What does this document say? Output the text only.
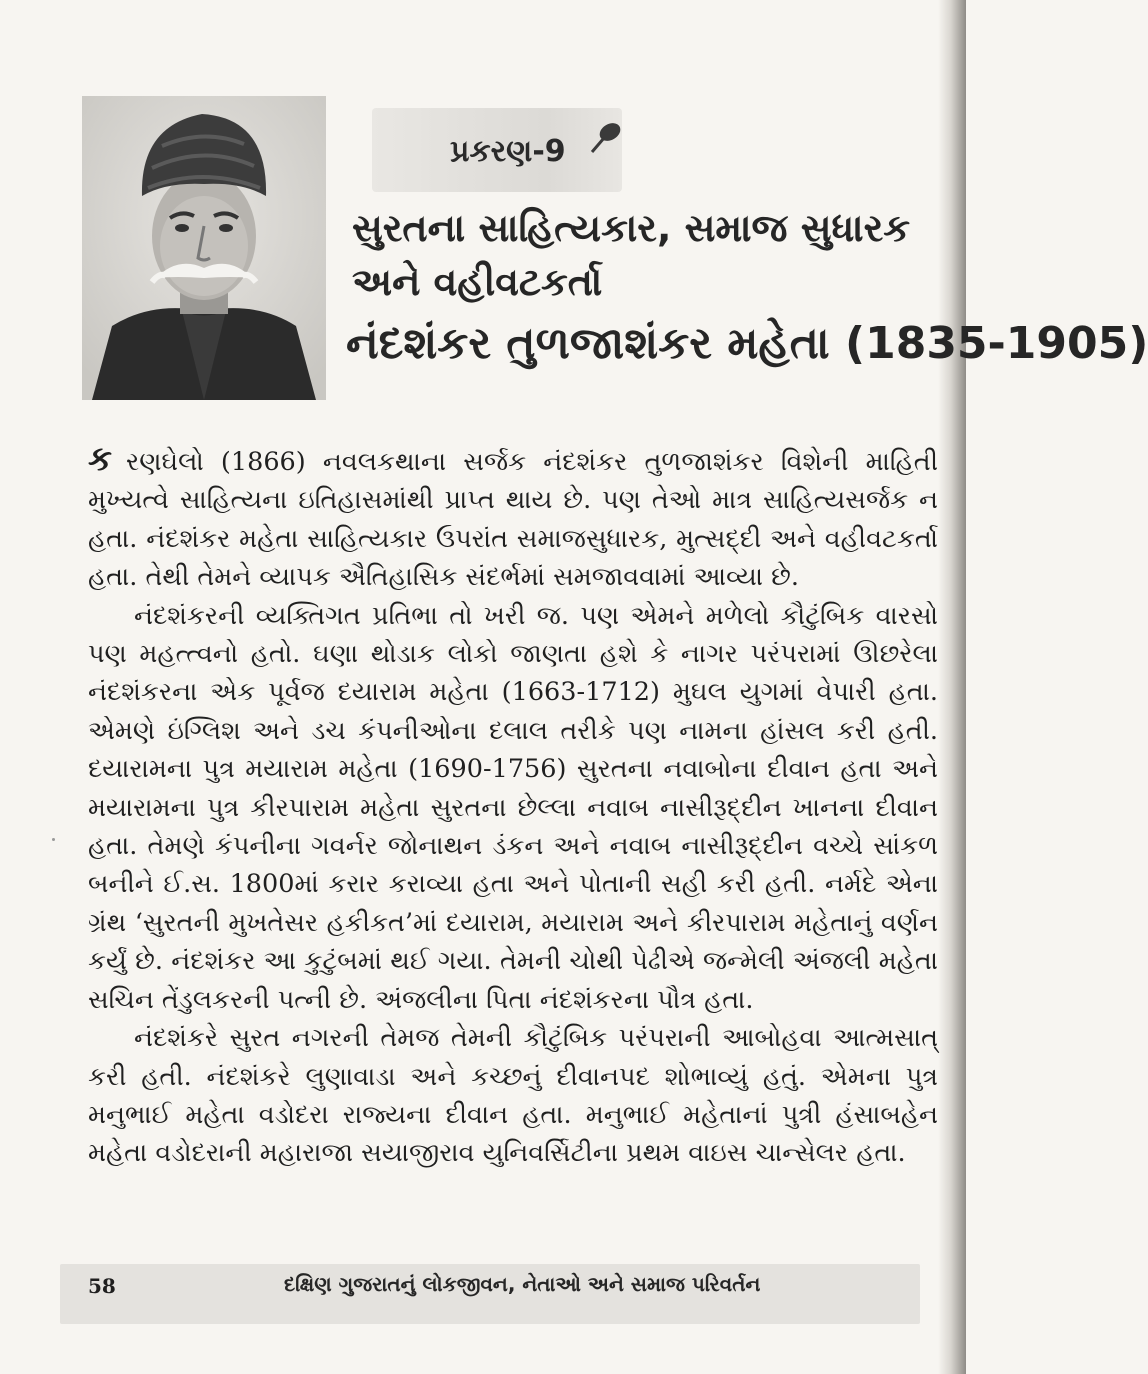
પ્રકરણ-9
સુરતના સાહિત્યકાર, સમાજ સુધારક
અને વહીવટકર્તા
નંદશંકર તુળજાશંકર મહેતા (1835-1905)

ક રણઘેલો (1866) નવલકથાના સર્જક નંદશંકર તુળજાશંકર વિશેની માહિતી મુખ્યત્વે સાહિત્યના ઇતિહાસમાંથી પ્રાપ્ત થાય છે. પણ તેઓ માત્ર સાહિત્યસર્જક ન હતા. નંદશંકર મહેતા સાહિત્યકાર ઉપરાંત સમાજસુધારક, મુત્સદ્દી અને વહીવટકર્તા હતા. તેથી તેમને વ્યાપક ઐતિહાસિક સંદર્ભમાં સમજાવવામાં આવ્યા છે.

નંદશંકરની વ્યક્તિગત પ્રતિભા તો ખરી જ. પણ એમને મળેલો કૌટુંબિક વારસો પણ મહત્ત્વનો હતો. ઘણા થોડાક લોકો જાણતા હશે કે નાગર પરંપરામાં ઊછરેલા નંદશંકરના એક પૂર્વજ દયારામ મહેતા (1663-1712) મુઘલ યુગમાં વેપારી હતા. એમણે ઇંગ્લિશ અને ડચ કંપનીઓના દલાલ તરીકે પણ નામના હાંસલ કરી હતી. દયારામના પુત્ર મયારામ મહેતા (1690-1756) સુરતના નવાબોના દીવાન હતા અને મયારામના પુત્ર કીરપારામ મહેતા સુરતના છેલ્લા નવાબ નાસીરૂદ્દીન ખાનના દીવાન હતા. તેમણે કંપનીના ગવર્નર જોનાથન ડંકન અને નવાબ નાસીરૂદ્દીન વચ્ચે સાંકળ બનીને ઈ.સ. 1800માં કરાર કરાવ્યા હતા અને પોતાની સહી કરી હતી. નર્મદે એના ગ્રંથ ‘સુરતની મુખતેસર હકીકત’માં દયારામ, મયારામ અને કીરપારામ મહેતાનું વર્ણન કર્યું છે. નંદશંકર આ કુટુંબમાં થઈ ગયા. તેમની ચોથી પેઢીએ જન્મેલી અંજલી મહેતા સચિન તેંડુલકરની પત્ની છે. અંજલીના પિતા નંદશંકરના પૌત્ર હતા.

નંદશંકરે સુરત નગરની તેમજ તેમની કૌટુંબિક પરંપરાની આબોહવા આત્મસાત્ કરી હતી. નંદશંકરે લુણાવાડા અને કચ્છનું દીવાનપદ શોભાવ્યું હતું. એમના પુત્ર મનુભાઈ મહેતા વડોદરા રાજ્યના દીવાન હતા. મનુભાઈ મહેતાનાં પુત્રી હંસાબહેન મહેતા વડોદરાની મહારાજા સયાજીરાવ યુનિવર્સિટીના પ્રથમ વાઇસ ચાન્સેલર હતા.

58	દક્ષિણ ગુજરાતનું લોકજીવન, નેતાઓ અને સમાજ પરિવર્તન
